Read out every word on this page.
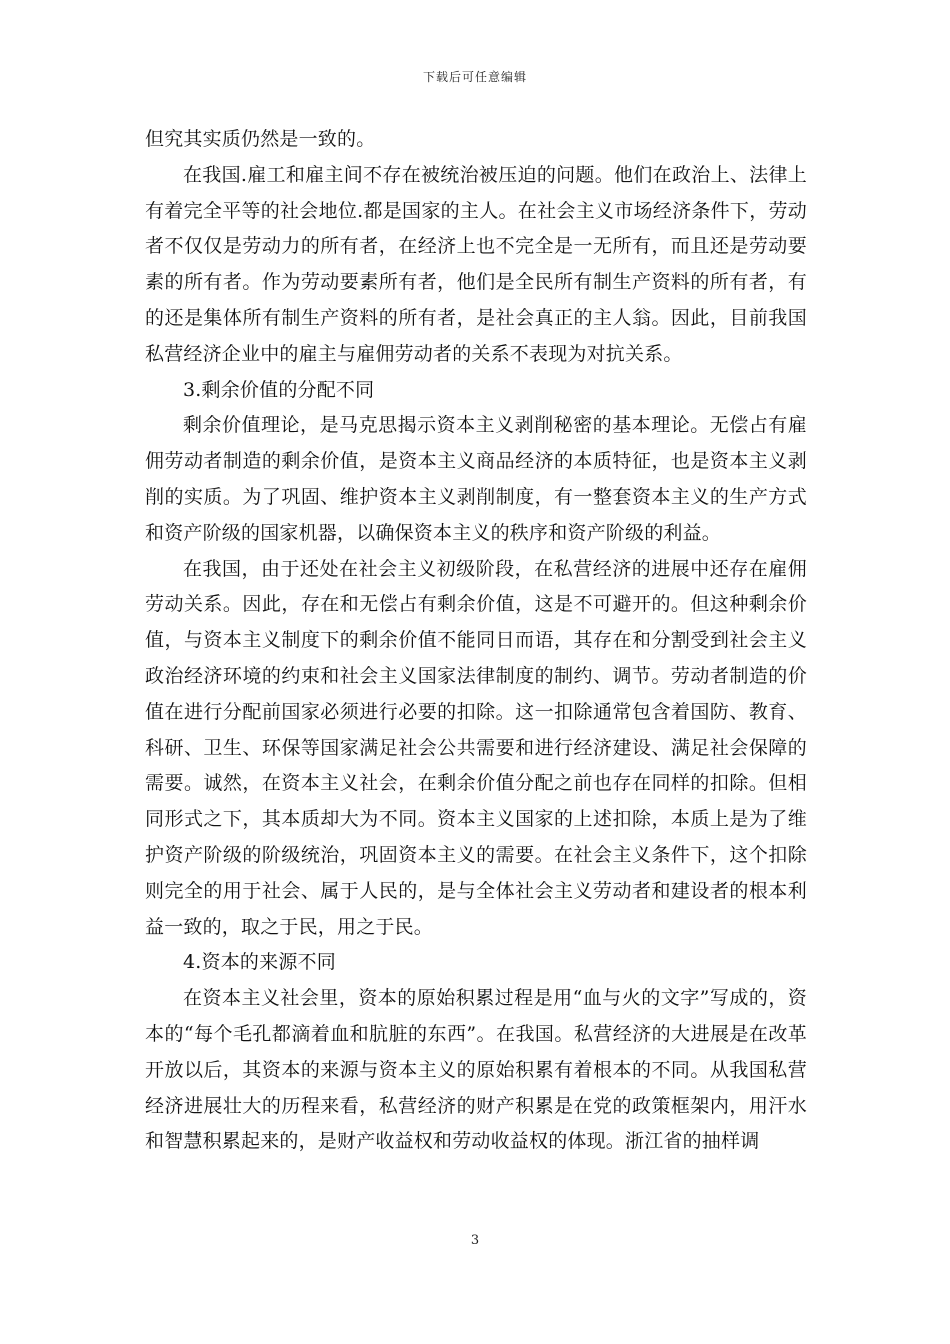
下载后可任意编辑

但究其实质仍然是一致的。

在我国.雇工和雇主间不存在被统治被压迫的问题。他们在政治上、法律上有着完全平等的社会地位.都是国家的主人。在社会主义市场经济条件下，劳动者不仅仅是劳动力的所有者，在经济上也不完全是一无所有，而且还是劳动要素的所有者。作为劳动要素所有者，他们是全民所有制生产资料的所有者，有的还是集体所有制生产资料的所有者，是社会真正的主人翁。因此，目前我国私营经济企业中的雇主与雇佣劳动者的关系不表现为对抗关系。

3.剩余价值的分配不同

剩余价值理论，是马克思揭示资本主义剥削秘密的基本理论。无偿占有雇佣劳动者制造的剩余价值，是资本主义商品经济的本质特征，也是资本主义剥削的实质。为了巩固、维护资本主义剥削制度，有一整套资本主义的生产方式和资产阶级的国家机器，以确保资本主义的秩序和资产阶级的利益。

在我国，由于还处在社会主义初级阶段，在私营经济的进展中还存在雇佣劳动关系。因此，存在和无偿占有剩余价值，这是不可避开的。但这种剩余价值，与资本主义制度下的剩余价值不能同日而语，其存在和分割受到社会主义政治经济环境的约束和社会主义国家法律制度的制约、调节。劳动者制造的价值在进行分配前国家必须进行必要的扣除。这一扣除通常包含着国防、教育、科研、卫生、环保等国家满足社会公共需要和进行经济建设、满足社会保障的需要。诚然，在资本主义社会，在剩余价值分配之前也存在同样的扣除。但相同形式之下，其本质却大为不同。资本主义国家的上述扣除，本质上是为了维护资产阶级的阶级统治，巩固资本主义的需要。在社会主义条件下，这个扣除则完全的用于社会、属于人民的，是与全体社会主义劳动者和建设者的根本利益一致的，取之于民，用之于民。

4.资本的来源不同

在资本主义社会里，资本的原始积累过程是用“血与火的文字”写成的，资本的“每个毛孔都滴着血和肮脏的东西”。在我国。私营经济的大进展是在改革开放以后，其资本的来源与资本主义的原始积累有着根本的不同。从我国私营经济进展壮大的历程来看，私营经济的财产积累是在党的政策框架内，用汗水和智慧积累起来的，是财产收益权和劳动收益权的体现。浙江省的抽样调

3
